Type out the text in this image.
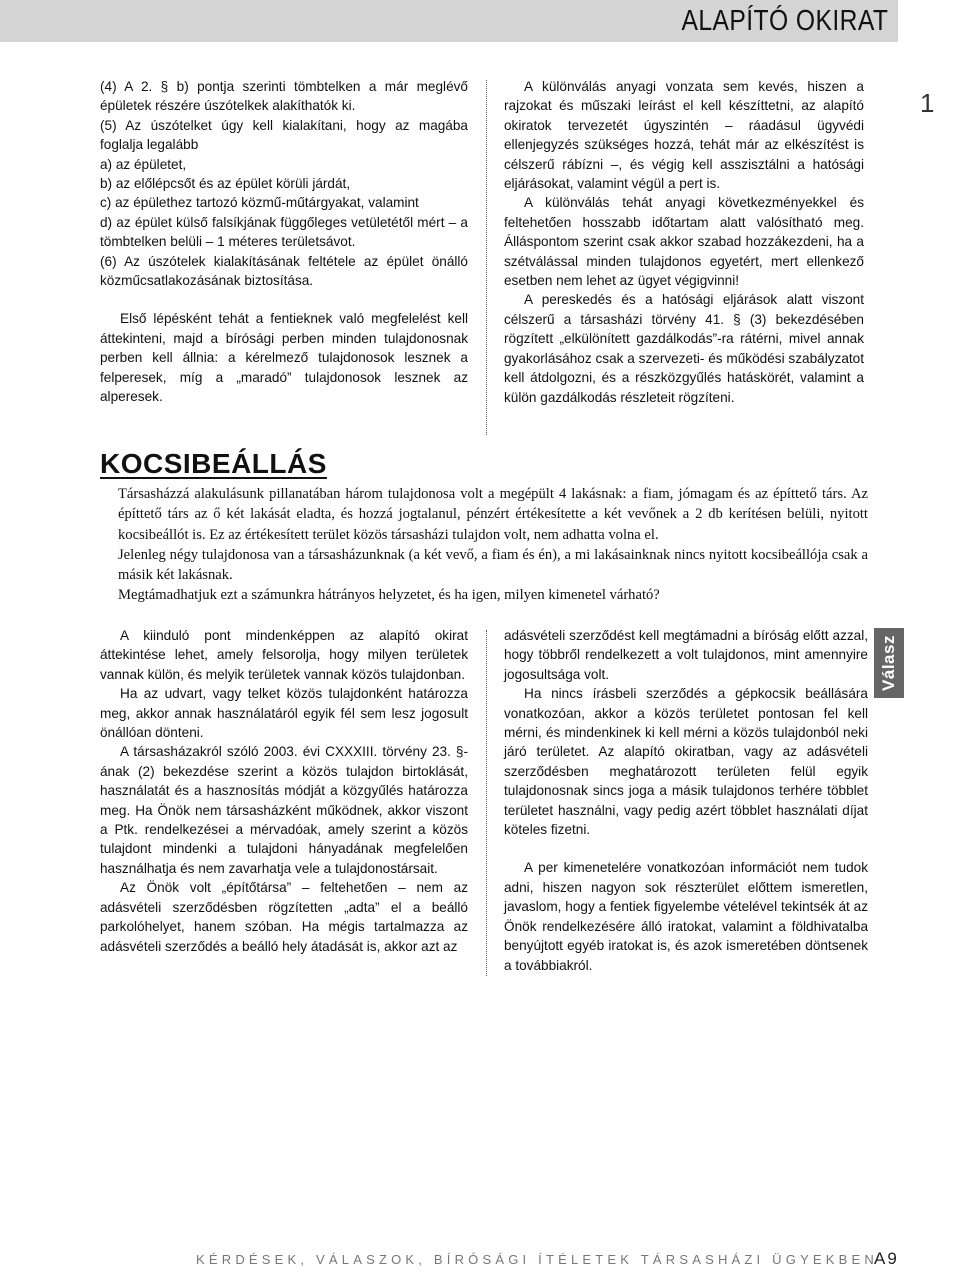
ALAPÍTÓ OKIRAT
1

(4) A 2. § b) pontja szerinti tömbtelken a már meglévő épületek részére úszótelkek alakíthatók ki.

(5) Az úszótelket úgy kell kialakítani, hogy az magába foglalja legalább

a) az épületet,

b) az előlépcsőt és az épület körüli járdát,

c) az épülethez tartozó közmű-műtárgyakat, valamint

d) az épület külső falsíkjának függőleges vetületétől mért – a tömbtelken belüli – 1 méteres területsávot.

(6) Az úszótelek kialakításának feltétele az épület önálló közműcsatlakozásának biztosítása.

Első lépésként tehát a fentieknek való megfelelést kell áttekinteni, majd a bírósági perben minden tulajdonosnak perben kell állnia: a kérelmező tulajdonosok lesznek a felperesek, míg a „maradó” tulajdonosok lesznek az alperesek.

A különválás anyagi vonzata sem kevés, hiszen a rajzokat és műszaki leírást el kell készíttetni, az alapító okiratok tervezetét úgyszintén – ráadásul ügyvédi ellenjegyzés szükséges hozzá, tehát már az elkészítést is célszerű rábízni –, és végig kell asszisztálni a hatósági eljárásokat, valamint végül a pert is.

A különválás tehát anyagi következményekkel és feltehetően hosszabb időtartam alatt valósítható meg. Álláspontom szerint csak akkor szabad hozzákezdeni, ha a szétválással minden tulajdonos egyetért, mert ellenkező esetben nem lehet az ügyet végigvinni!

A pereskedés és a hatósági eljárások alatt viszont célszerű a társasházi törvény 41. § (3) bekezdésében rögzített „elkülönített gazdálkodás”-ra rátérni, mivel annak gyakorlásához csak a szervezeti- és működési szabályzatot kell átdolgozni, és a részközgyűlés hatáskörét, valamint a külön gazdálkodás részleteit rögzíteni.

KOCSIBEÁLLÁS

Társasházzá alakulásunk pillanatában három tulajdonosa volt a megépült 4 lakásnak: a fiam, jómagam és az építtető társ. Az építtető társ az ő két lakását eladta, és hozzá jogtalanul, pénzért értékesítette a két vevőnek a 2 db kerítésen belüli, nyitott kocsibeállót is. Ez az értékesített terület közös társasházi tulajdon volt, nem adhatta volna el.

Jelenleg négy tulajdonosa van a társasházunknak (a két vevő, a fiam és én), a mi lakásainknak nincs nyitott kocsibeállója csak a másik két lakásnak.

Megtámadhatjuk ezt a számunkra hátrányos helyzetet, és ha igen, milyen kimenetel várható?

A kiinduló pont mindenképpen az alapító okirat áttekintése lehet, amely felsorolja, hogy milyen területek vannak külön, és melyik területek vannak közös tulajdonban.

Ha az udvart, vagy telket közös tulajdonként határozza meg, akkor annak használatáról egyik fél sem lesz jogosult önállóan dönteni.

A társasházakról szóló 2003. évi CXXXIII. törvény 23. §-ának (2) bekezdése szerint a közös tulajdon birtoklását, használatát és a hasznosítás módját a közgyűlés határozza meg. Ha Önök nem társasházként működnek, akkor viszont a Ptk. rendelkezései a mérvadóak, amely szerint a közös tulajdont mindenki a tulajdoni hányadának megfelelően használhatja és nem zavarhatja vele a tulajdonostársait.

Az Önök volt „építőtársa” – feltehetően – nem az adásvételi szerződésben rögzítetten „adta” el a beálló parkolóhelyet, hanem szóban. Ha mégis tartalmazza az adásvételi szerződés a beálló hely átadását is, akkor azt az

adásvételi szerződést kell megtámadni a bíróság előtt azzal, hogy többről rendelkezett a volt tulajdonos, mint amennyire jogosultsága volt.

Ha nincs írásbeli szerződés a gépkocsik beállására vonatkozóan, akkor a közös területet pontosan fel kell mérni, és mindenkinek ki kell mérni a közös tulajdonból neki járó területet. Az alapító okiratban, vagy az adásvételi szerződésben meghatározott területen felül egyik tulajdonosnak sincs joga a másik tulajdonos terhére többlet területet használni, vagy pedig azért többlet használati díjat köteles fizetni.

A per kimenetelére vonatkozóan információt nem tudok adni, hiszen nagyon sok részterület előttem ismeretlen, javaslom, hogy a fentiek figyelembe vételével tekintsék át az Önök rendelkezésére álló iratokat, valamint a földhivatalba benyújtott egyéb iratokat is, és azok ismeretében döntsenek a továbbiakról.

Válasz
KÉRDÉSEK, VÁLASZOK, BÍRÓSÁGI ÍTÉLETEK TÁRSASHÁZI ÜGYEKBEN
A9
